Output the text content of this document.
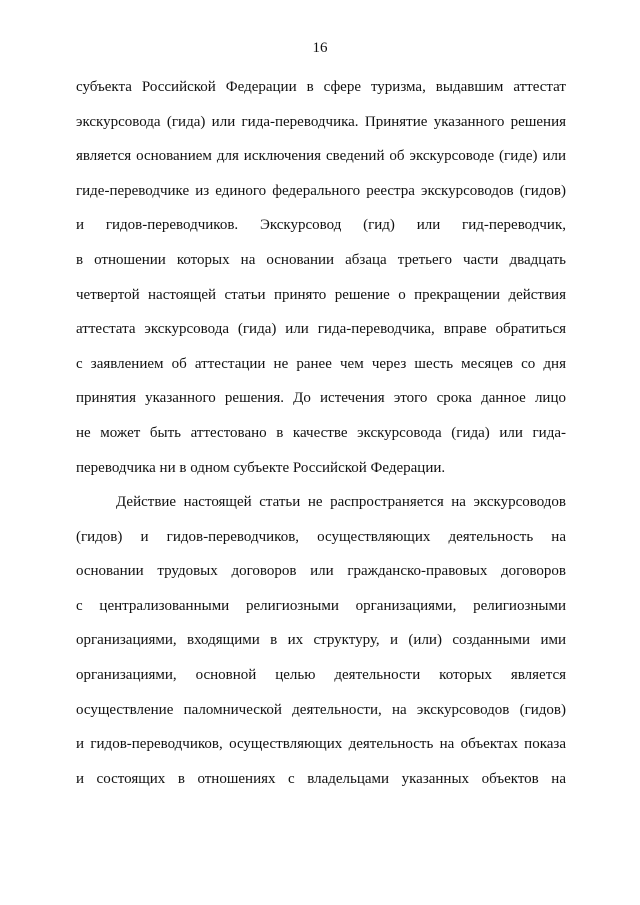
16
субъекта Российской Федерации в сфере туризма, выдавшим аттестат
экскурсовода (гида) или гида-переводчика. Принятие указанного решения
является основанием для исключения сведений об экскурсоводе (гиде) или
гиде-переводчике из единого федерального реестра экскурсоводов (гидов)
и гидов-переводчиков. Экскурсовод (гид) или гид-переводчик,
в отношении которых на основании абзаца третьего части двадцать
четвертой настоящей статьи принято решение о прекращении действия
аттестата экскурсовода (гида) или гида-переводчика, вправе обратиться
с заявлением об аттестации не ранее чем через шесть месяцев со дня
принятия указанного решения. До истечения этого срока данное лицо
не может быть аттестовано в качестве экскурсовода (гида) или гида-
переводчика ни в одном субъекте Российской Федерации.
Действие настоящей статьи не распространяется на экскурсоводов
(гидов) и гидов-переводчиков, осуществляющих деятельность на
основании трудовых договоров или гражданско-правовых договоров
с централизованными религиозными организациями, религиозными
организациями, входящими в их структуру, и (или) созданными ими
организациями, основной целью деятельности которых является
осуществление паломнической деятельности, на экскурсоводов (гидов)
и гидов-переводчиков, осуществляющих деятельность на объектах показа
и состоящих в отношениях с владельцами указанных объектов на
